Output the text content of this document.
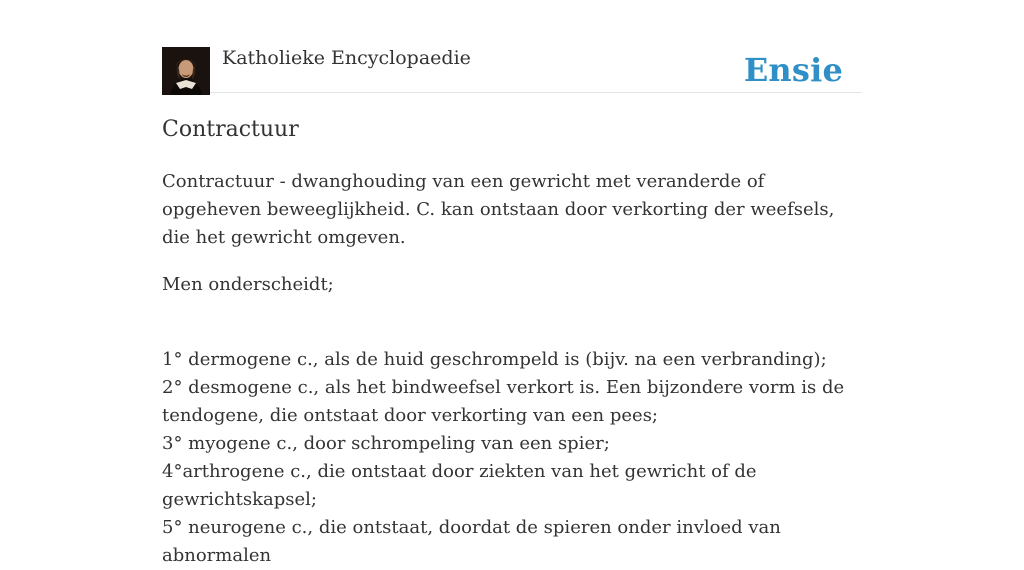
Katholieke Encyclopaedie	Ensie
Contractuur

Contractuur - dwanghouding van een gewricht met veranderde of opgeheven beweeglijkheid. C. kan ontstaan door verkorting der weefsels, die het gewricht omgeven.

Men onderscheidt;

1° dermogene c., als de huid geschrompeld is (bijv. na een verbranding);
2° desmogene c., als het bindweefsel verkort is. Een bijzondere vorm is de tendogene, die ontstaat door verkorting van een pees;
3° myogene c., door schrompeling van een spier;
4°arthrogene c., die ontstaat door ziekten van het gewricht of de gewrichtskapsel;
5° neurogene c., die ontstaat, doordat de spieren onder invloed van abnormalen
